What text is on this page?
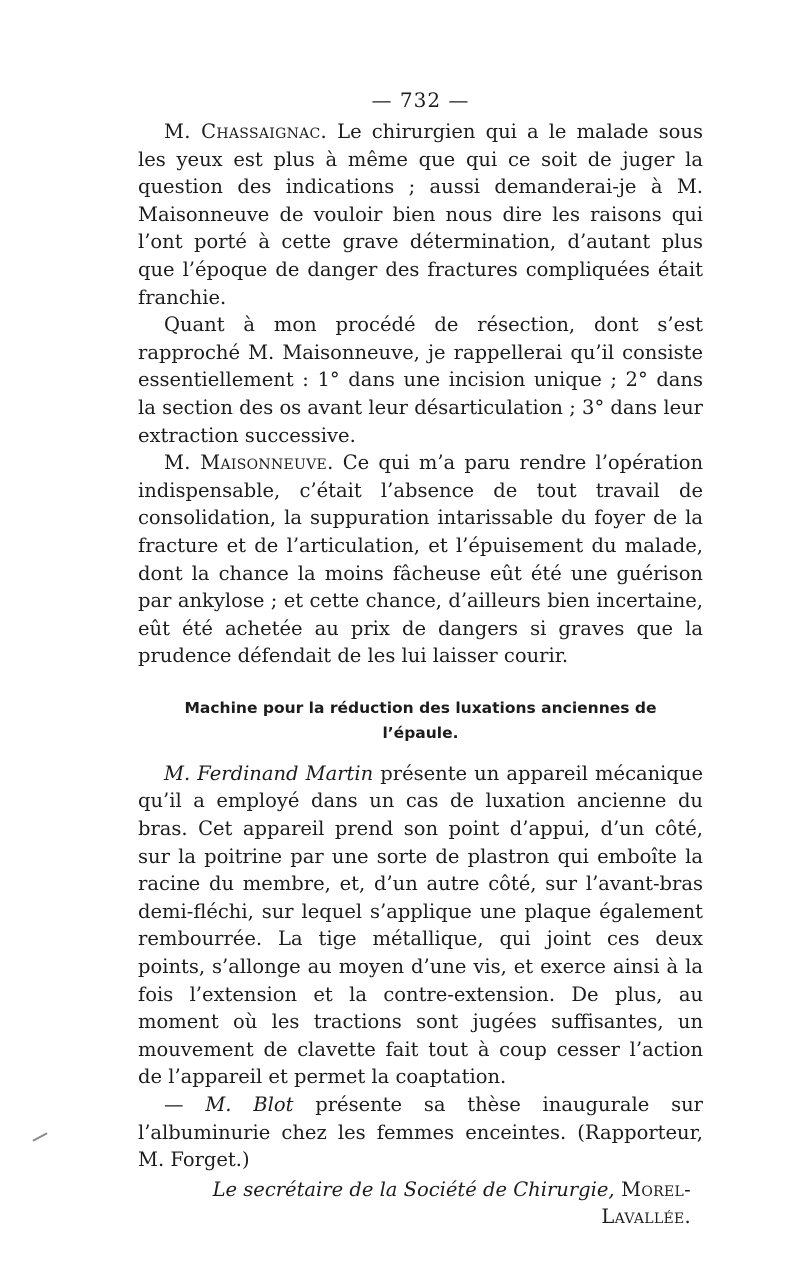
— 732 —

M. Chassaignac. Le chirurgien qui a le malade sous les yeux est plus à même que qui ce soit de juger la question des indications ; aussi demanderai-je à M. Maisonneuve de vouloir bien nous dire les raisons qui l’ont porté à cette grave détermination, d’autant plus que l’époque de danger des fractures compliquées était franchie.

Quant à mon procédé de résection, dont s’est rapproché M. Maisonneuve, je rappellerai qu’il consiste essentiellement : 1° dans une incision unique ; 2° dans la section des os avant leur désarticulation ; 3° dans leur extraction successive.

M. Maisonneuve. Ce qui m’a paru rendre l’opération indispensable, c’était l’absence de tout travail de consolidation, la suppuration intarissable du foyer de la fracture et de l’articulation, et l’épuisement du malade, dont la chance la moins fâcheuse eût été une guérison par ankylose ; et cette chance, d’ailleurs bien incertaine, eût été achetée au prix de dangers si graves que la prudence défendait de les lui laisser courir.

Machine pour la réduction des luxations anciennes de l’épaule.

M. Ferdinand Martin présente un appareil mécanique qu’il a employé dans un cas de luxation ancienne du bras. Cet appareil prend son point d’appui, d’un côté, sur la poitrine par une sorte de plastron qui emboîte la racine du membre, et, d’un autre côté, sur l’avant-bras demi-fléchi, sur lequel s’applique une plaque également rembourrée. La tige métallique, qui joint ces deux points, s’allonge au moyen d’une vis, et exerce ainsi à la fois l’extension et la contre-extension. De plus, au moment où les tractions sont jugées suffisantes, un mouvement de clavette fait tout à coup cesser l’action de l’appareil et permet la coaptation.

— M. Blot présente sa thèse inaugurale sur l’albuminurie chez les femmes enceintes. (Rapporteur, M. Forget.)

Le secrétaire de la Société de Chirurgie, Morel-Lavallée.
